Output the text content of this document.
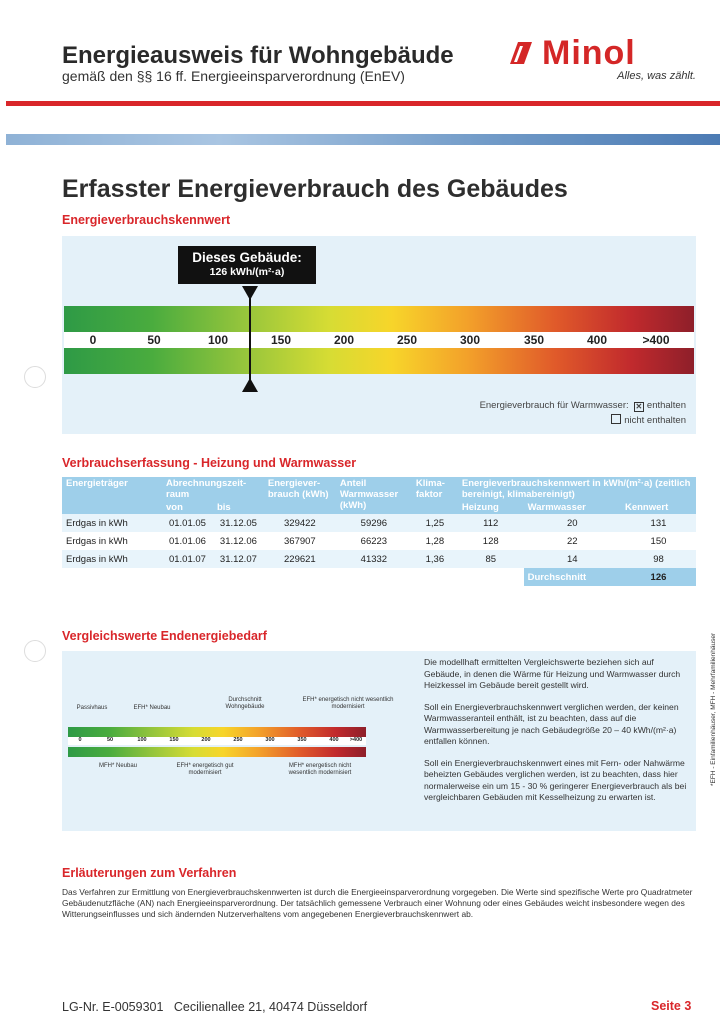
Energieausweis für Wohngebäude
gemäß den §§ 16 ff. Energieeinsparverordnung (EnEV)
Minol
Alles, was zählt.
Erfasster Energieverbrauch des Gebäudes
Energieverbrauchskennwert
Dieses Gebäude:
126 kWh/(m²·a)
0	50	100	150	200	250	300	350	400	>400
Energieverbrauch für Warmwasser: ✕ enthalten
nicht enthalten
Verbrauchserfassung - Heizung und Warmwasser
Energieträger	Abrechnungszeit-raum		Energiever-brauch (kWh)	Anteil Warmwasser (kWh)	Klima-faktor	Energieverbrauchskennwert in kWh/(m²·a) (zeitlich bereinigt, klimabereinigt)		
	von	bis				Heizung	Warmwasser	Kennwert
Erdgas in kWh	01.01.05	31.12.05	329422	59296	1,25	112	20	131
Erdgas in kWh	01.01.06	31.12.06	367907	66223	1,28	128	22	150
Erdgas in kWh	01.01.07	31.12.07	229621	41332	1,36	85	14	98
							Durchschnitt	126
Vergleichswerte Endenergiebedarf
Passivhaus	EFH* Neubau
Durchschnitt Wohngebäude
EFH* energetisch nicht wesentlich modernisiert
0	50	100	150	200	250	300	350	400 >400
MFH* Neubau	EFH* energetisch gut modernisiert
MFH* energetisch nicht wesentlich modernisiert

Die modellhaft ermittelten Vergleichswerte beziehen sich auf Gebäude, in denen die Wärme für Heizung und Warmwasser durch Heizkessel im Gebäude bereit gestellt wird.

Soll ein Energieverbrauchskennwert verglichen werden, der keinen Warmwasseranteil enthält, ist zu beachten, dass auf die Warmwasserbereitung je nach Gebäudegröße 20 – 40 kWh/(m²·a) entfallen können.

Soll ein Energieverbrauchskennwert eines mit Fern- oder Nahwärme beheizten Gebäudes verglichen werden, ist zu beachten, dass hier normalerweise ein um 15 - 30 % geringerer Energieverbrauch als bei vergleichbaren Gebäuden mit Kesselheizung zu erwarten ist.

Erläuterungen zum Verfahren
Das Verfahren zur Ermittlung von Energieverbrauchskennwerten ist durch die Energieeinsparverordnung vorgegeben. Die Werte sind spezifische Werte pro Quadratmeter Gebäudenutzfläche (AN) nach Energieeinsparverordnung. Der tatsächlich gemessene Verbrauch einer Wohnung oder eines Gebäudes weicht insbesondere wegen des Witterungseinflusses und sich ändernden Nutzerverhaltens vom angegebenen Energieverbrauchskennwert ab.
LG-Nr. E-0059301   Cecilienallee 21, 40474 Düsseldorf	Seite 3
*EFH - Einfamilienhäuser, MFH - Mehrfamilienhäuser
